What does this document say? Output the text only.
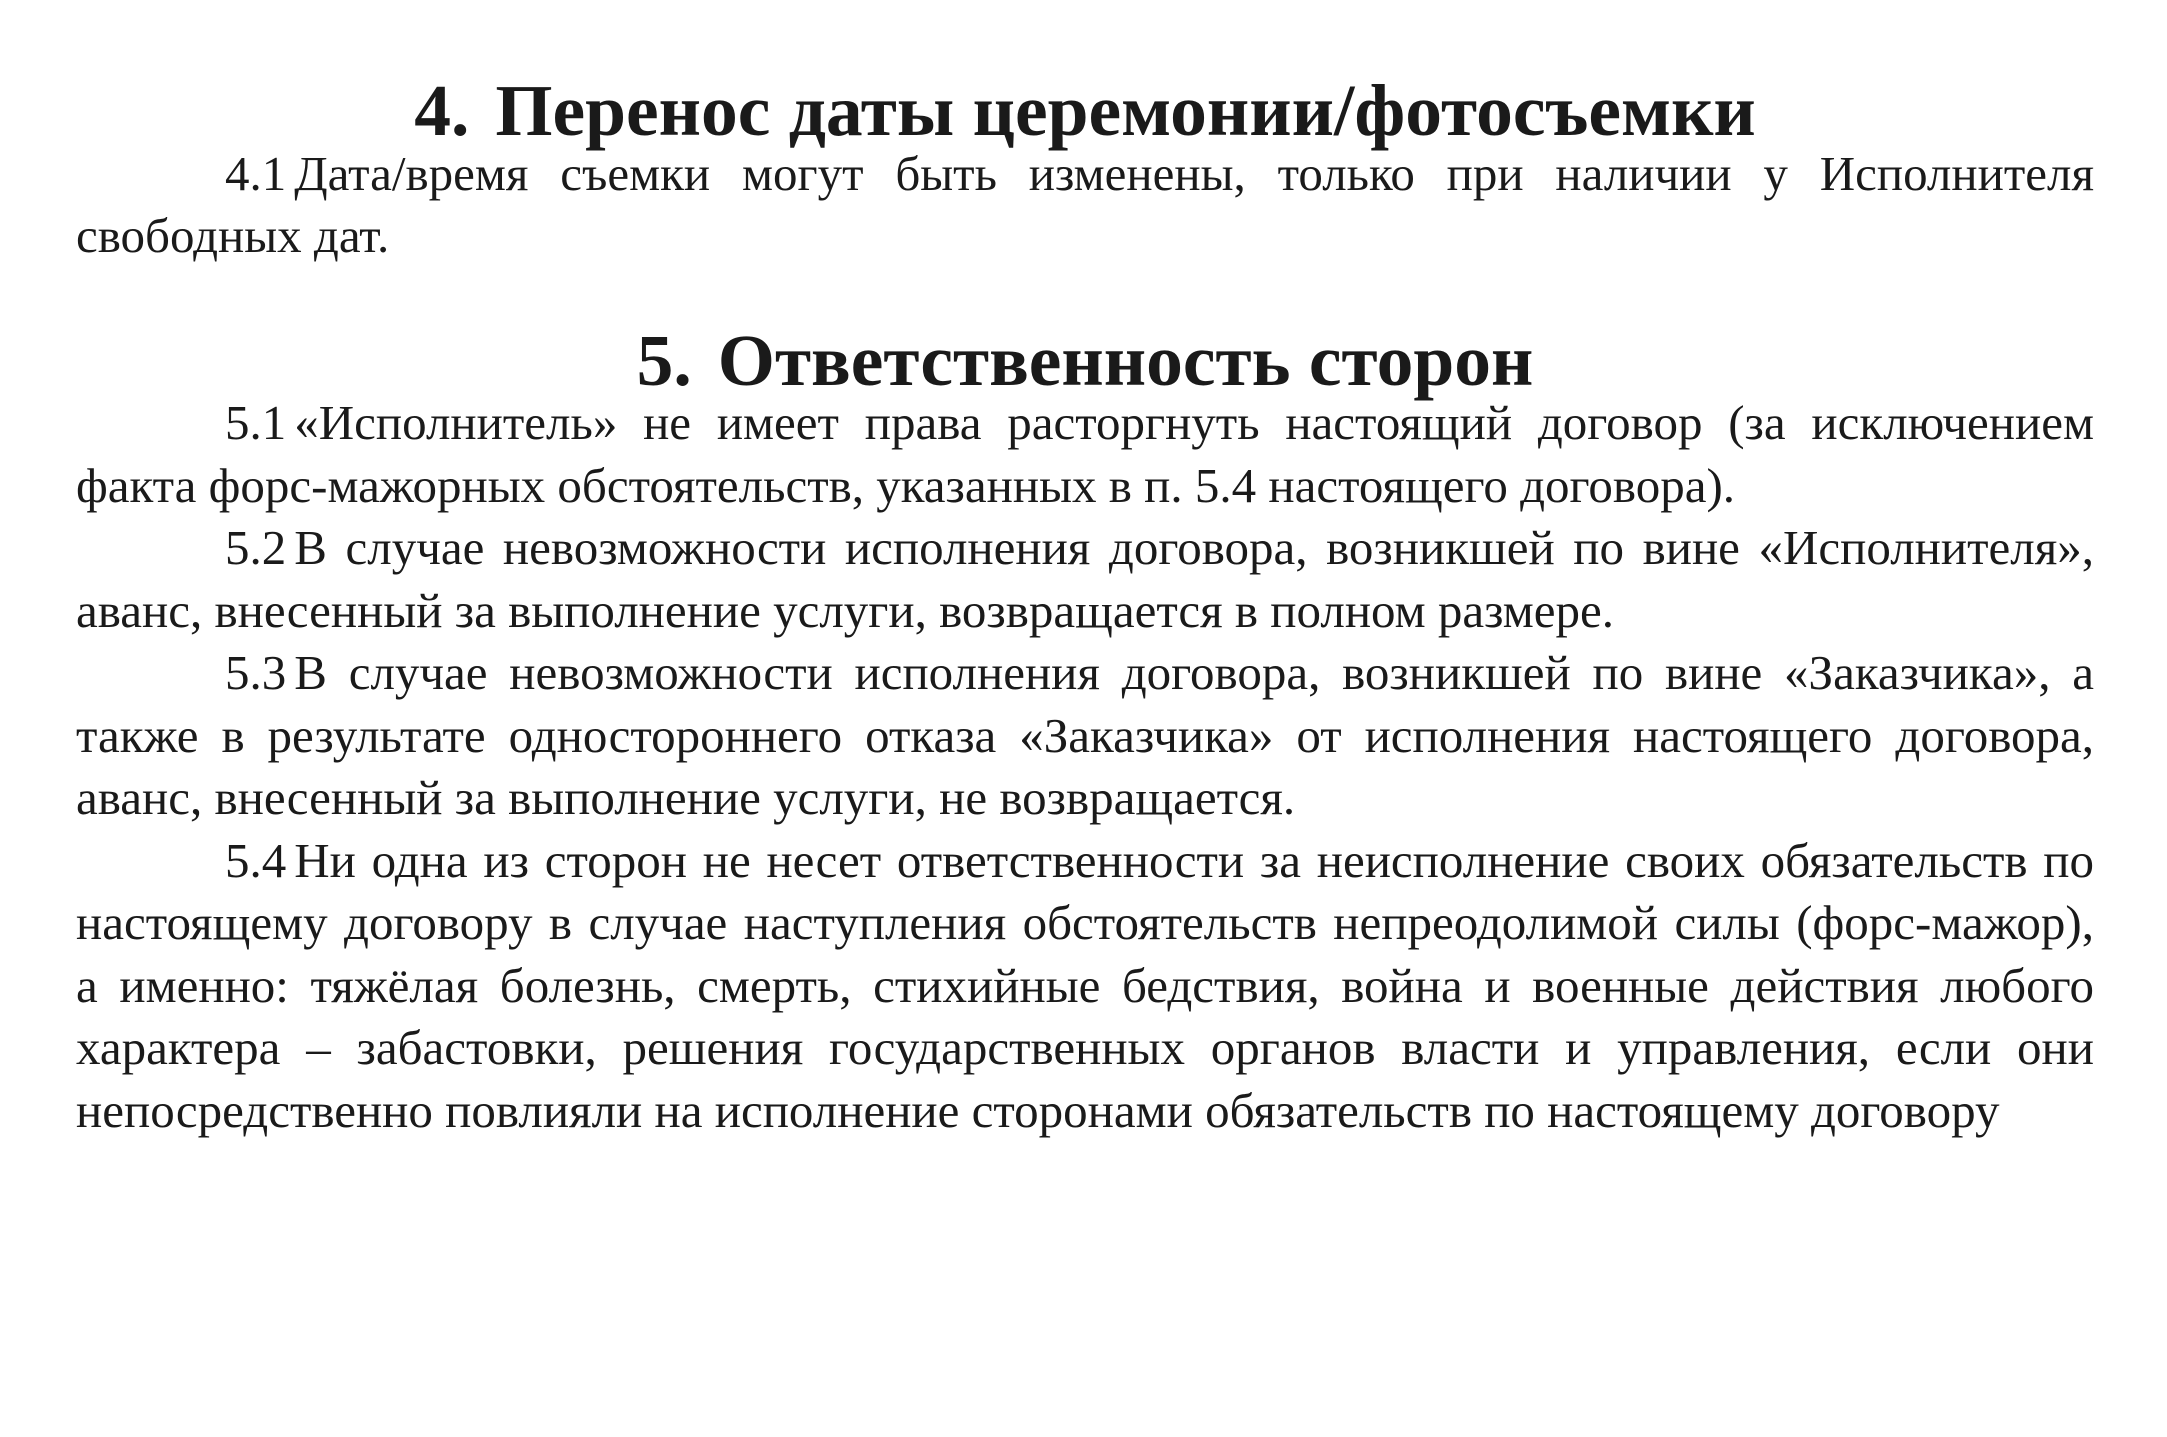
4. Перенос даты церемонии/фотосъемки

4.1 Дата/время съемки могут быть изменены, только при наличии у Исполнителя свободных дат.

5. Ответственность сторон

5.1 «Исполнитель» не имеет права расторгнуть настоящий договор (за исключением факта форс-мажорных обстоятельств, указанных в п. 5.4 настоящего договора).

5.2 В случае невозможности исполнения договора, возникшей по вине «Исполнителя», аванс, внесенный за выполнение услуги, возвращается в полном размере.

5.3 В случае невозможности исполнения договора, возникшей по вине «Заказчика», а также в результате одностороннего отказа «Заказчика» от исполнения настоящего договора, аванс, внесенный за выполнение услуги, не возвращается.

5.4 Ни одна из сторон не несет ответственности за неисполнение своих обязательств по настоящему договору в случае наступления обстоятельств непреодолимой силы (форс-мажор), а именно: тяжёлая болезнь, смерть, стихийные бедствия, война и военные действия любого характера – забастовки, решения государственных органов власти и управления, если они непосредственно повлияли на исполнение сторонами обязательств по настоящему договору
